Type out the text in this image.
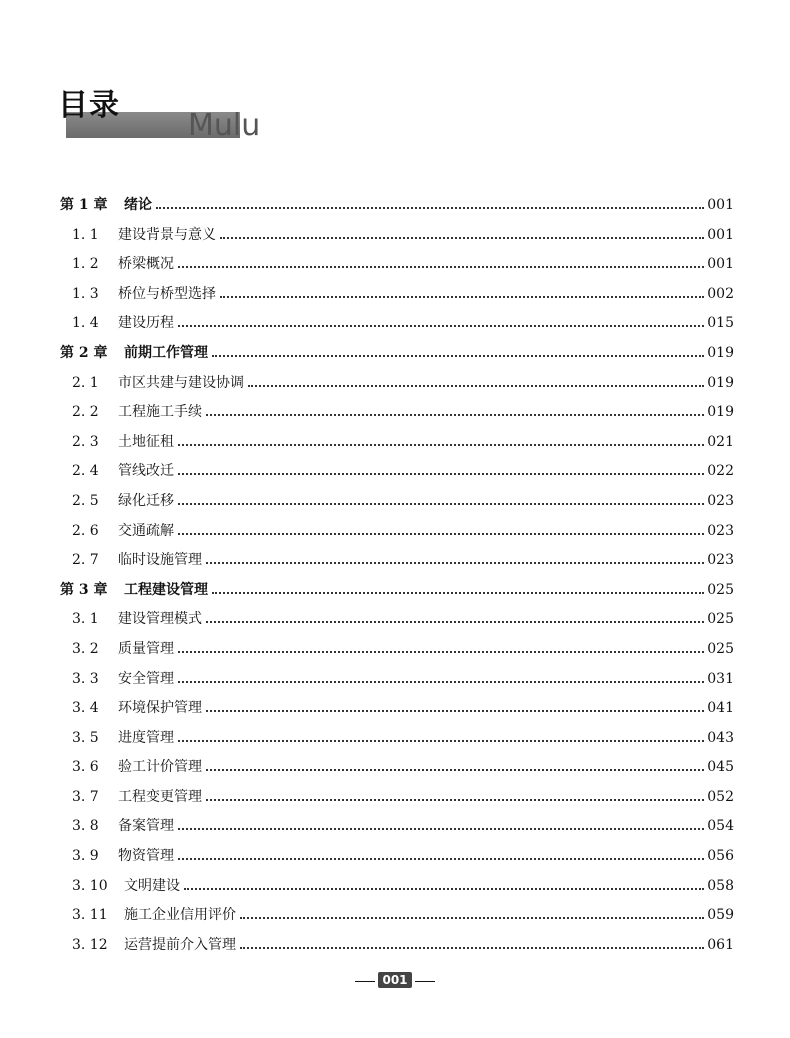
目录
Mulu
第 1 章 绪论	001
1. 1 建设背景与意义	001
1. 2 桥梁概况	001
1. 3 桥位与桥型选择	002
1. 4 建设历程	015
第 2 章 前期工作管理	019
2. 1 市区共建与建设协调	019
2. 2 工程施工手续	019
2. 3 土地征租	021
2. 4 管线改迁	022
2. 5 绿化迁移	023
2. 6 交通疏解	023
2. 7 临时设施管理	023
第 3 章 工程建设管理	025
3. 1 建设管理模式	025
3. 2 质量管理	025
3. 3 安全管理	031
3. 4 环境保护管理	041
3. 5 进度管理	043
3. 6 验工计价管理	045
3. 7 工程变更管理	052
3. 8 备案管理	054
3. 9 物资管理	056
3. 10 文明建设	058
3. 11 施工企业信用评价	059
3. 12 运营提前介入管理	061
001
